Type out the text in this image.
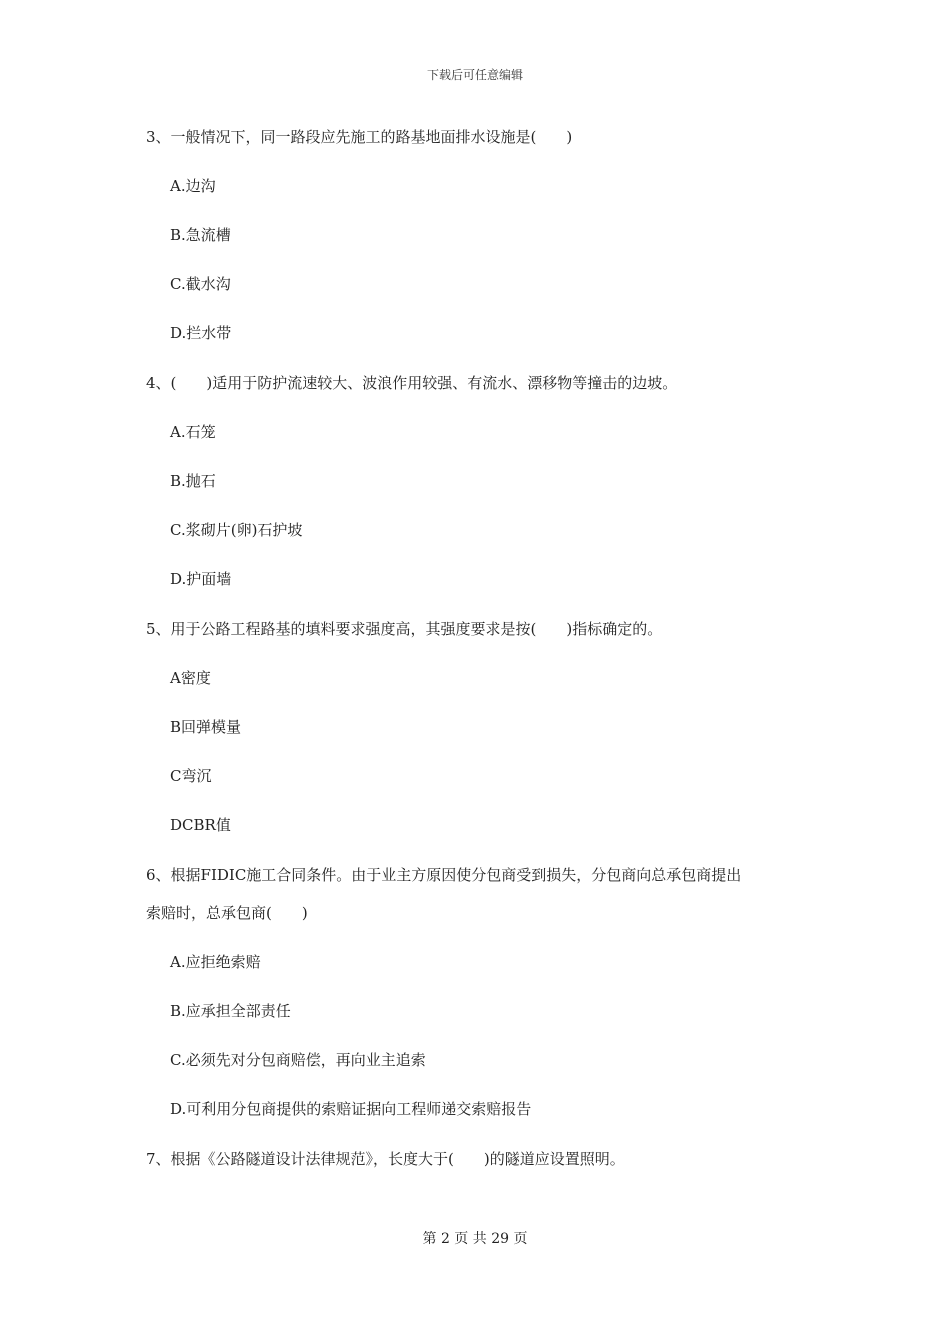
下载后可任意编辑
3、一般情况下，同一路段应先施工的路基地面排水设施是(　　)
A.边沟
B.急流槽
C.截水沟
D.拦水带
4、(　　)适用于防护流速较大、波浪作用较强、有流水、漂移物等撞击的边坡。
A.石笼
B.抛石
C.浆砌片(卵)石护坡
D.护面墙
5、用于公路工程路基的填料要求强度高，其强度要求是按(　　)指标确定的。
A密度
B回弹模量
C弯沉
DCBR值
6、根据FIDIC施工合同条件。由于业主方原因使分包商受到损失，分包商向总承包商提出
索赔时，总承包商(　　)
A.应拒绝索赔
B.应承担全部责任
C.必须先对分包商赔偿，再向业主追索
D.可利用分包商提供的索赔证据向工程师递交索赔报告
7、根据《公路隧道设计法律规范》，长度大于(　　)的隧道应设置照明。
第 2 页 共 29 页
